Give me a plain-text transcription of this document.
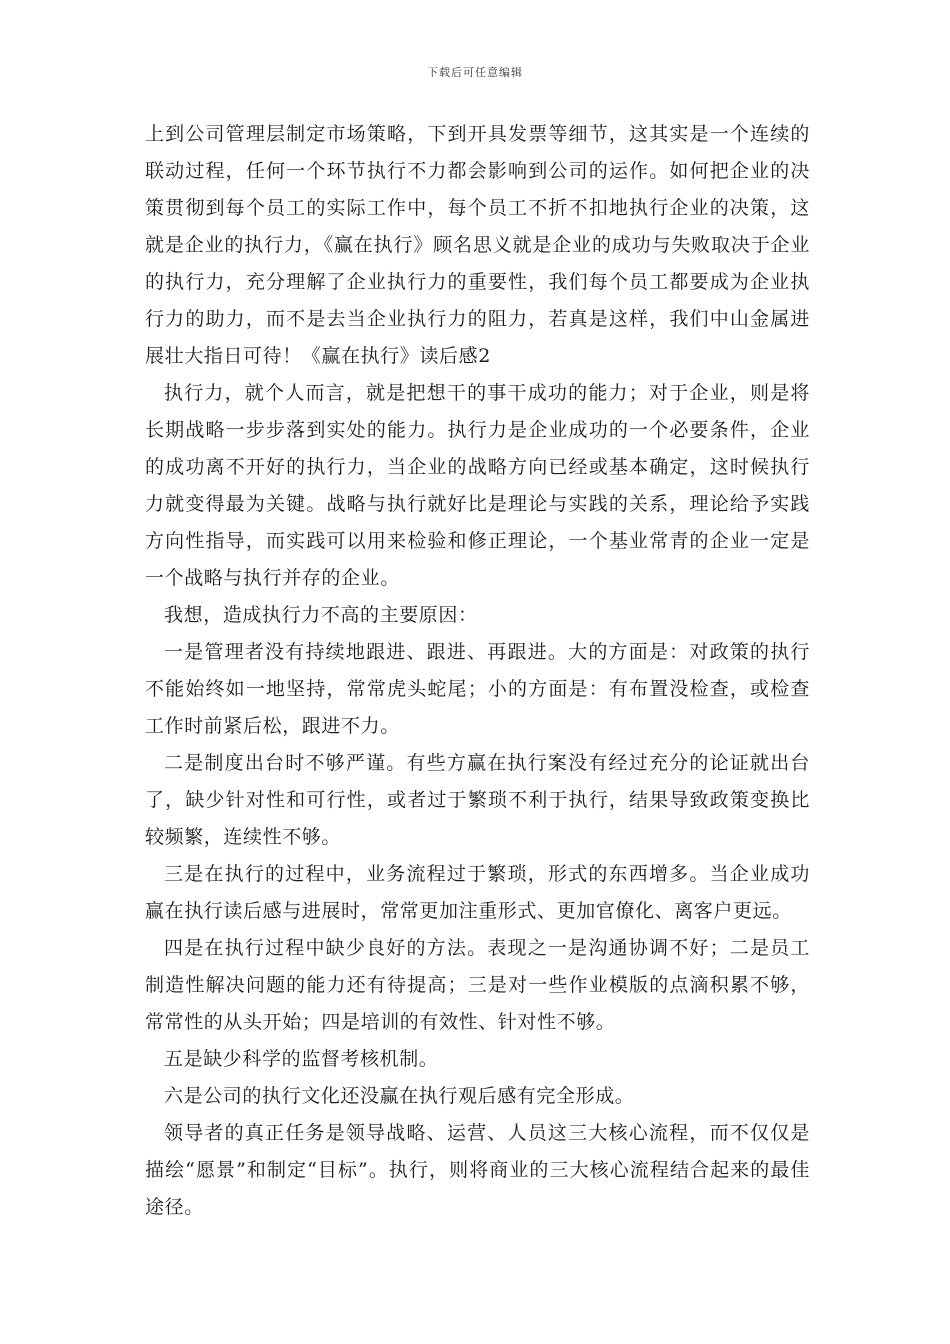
下载后可任意编辑

上到公司管理层制定市场策略，下到开具发票等细节，这其实是一个连续的联动过程，任何一个环节执行不力都会影响到公司的运作。如何把企业的决策贯彻到每个员工的实际工作中，每个员工不折不扣地执行企业的决策，这就是企业的执行力，《赢在执行》顾名思义就是企业的成功与失败取决于企业的执行力，充分理解了企业执行力的重要性，我们每个员工都要成为企业执行力的助力，而不是去当企业执行力的阻力，若真是这样，我们中山金属进展壮大指日可待！《赢在执行》读后感2

执行力，就个人而言，就是把想干的事干成功的能力；对于企业，则是将长期战略一步步落到实处的能力。执行力是企业成功的一个必要条件，企业的成功离不开好的执行力，当企业的战略方向已经或基本确定，这时候执行力就变得最为关键。战略与执行就好比是理论与实践的关系，理论给予实践方向性指导，而实践可以用来检验和修正理论，一个基业常青的企业一定是一个战略与执行并存的企业。

我想，造成执行力不高的主要原因：

一是管理者没有持续地跟进、跟进、再跟进。大的方面是：对政策的执行不能始终如一地坚持，常常虎头蛇尾；小的方面是：有布置没检查，或检查工作时前紧后松，跟进不力。

二是制度出台时不够严谨。有些方赢在执行案没有经过充分的论证就出台了，缺少针对性和可行性，或者过于繁琐不利于执行，结果导致政策变换比较频繁，连续性不够。

三是在执行的过程中，业务流程过于繁琐，形式的东西增多。当企业成功赢在执行读后感与进展时，常常更加注重形式、更加官僚化、离客户更远。

四是在执行过程中缺少良好的方法。表现之一是沟通协调不好；二是员工制造性解决问题的能力还有待提高；三是对一些作业模版的点滴积累不够，常常性的从头开始；四是培训的有效性、针对性不够。

五是缺少科学的监督考核机制。

六是公司的执行文化还没赢在执行观后感有完全形成。

领导者的真正任务是领导战略、运营、人员这三大核心流程，而不仅仅是描绘“愿景”和制定“目标”。执行，则将商业的三大核心流程结合起来的最佳途径。
